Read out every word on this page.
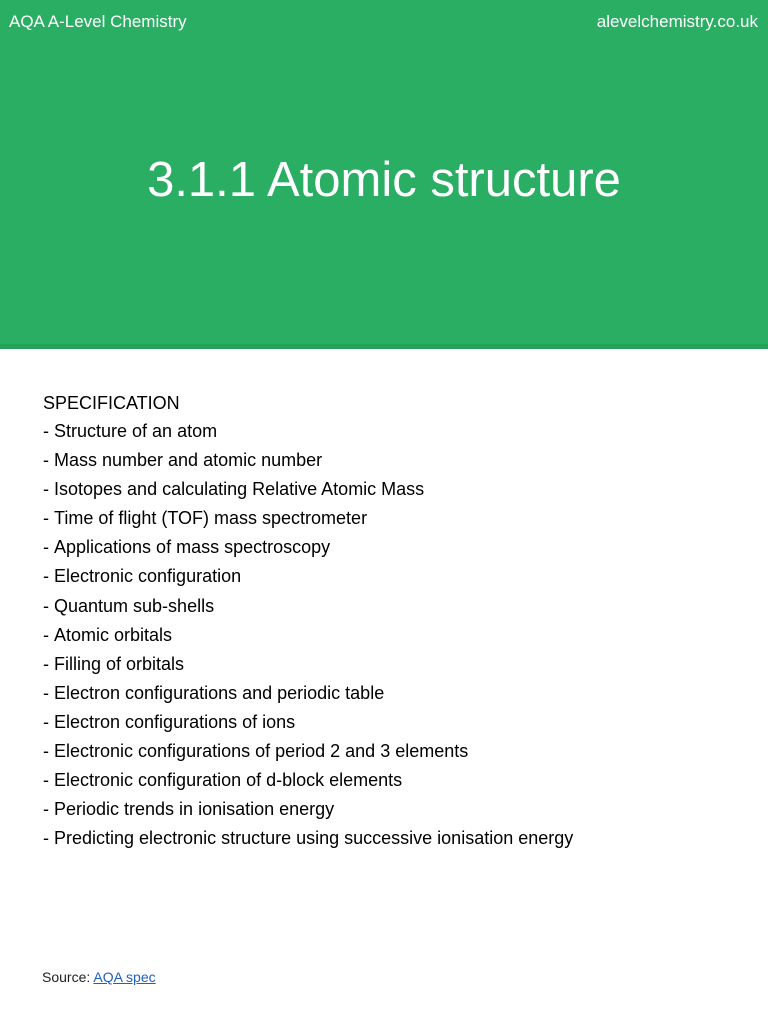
AQA A-Level Chemistry	alevelchemistry.co.uk
3.1.1 Atomic structure
SPECIFICATION
- Structure of an atom
- Mass number and atomic number
- Isotopes and calculating Relative Atomic Mass
- Time of flight (TOF) mass spectrometer
- Applications of mass spectroscopy
- Electronic configuration
- Quantum sub-shells
- Atomic orbitals
- Filling of orbitals
- Electron configurations and periodic table
- Electron configurations of ions
- Electronic configurations of period 2 and 3 elements
- Electronic configuration of d-block elements
- Periodic trends in ionisation energy
- Predicting electronic structure using successive ionisation energy
Source: AQA spec
